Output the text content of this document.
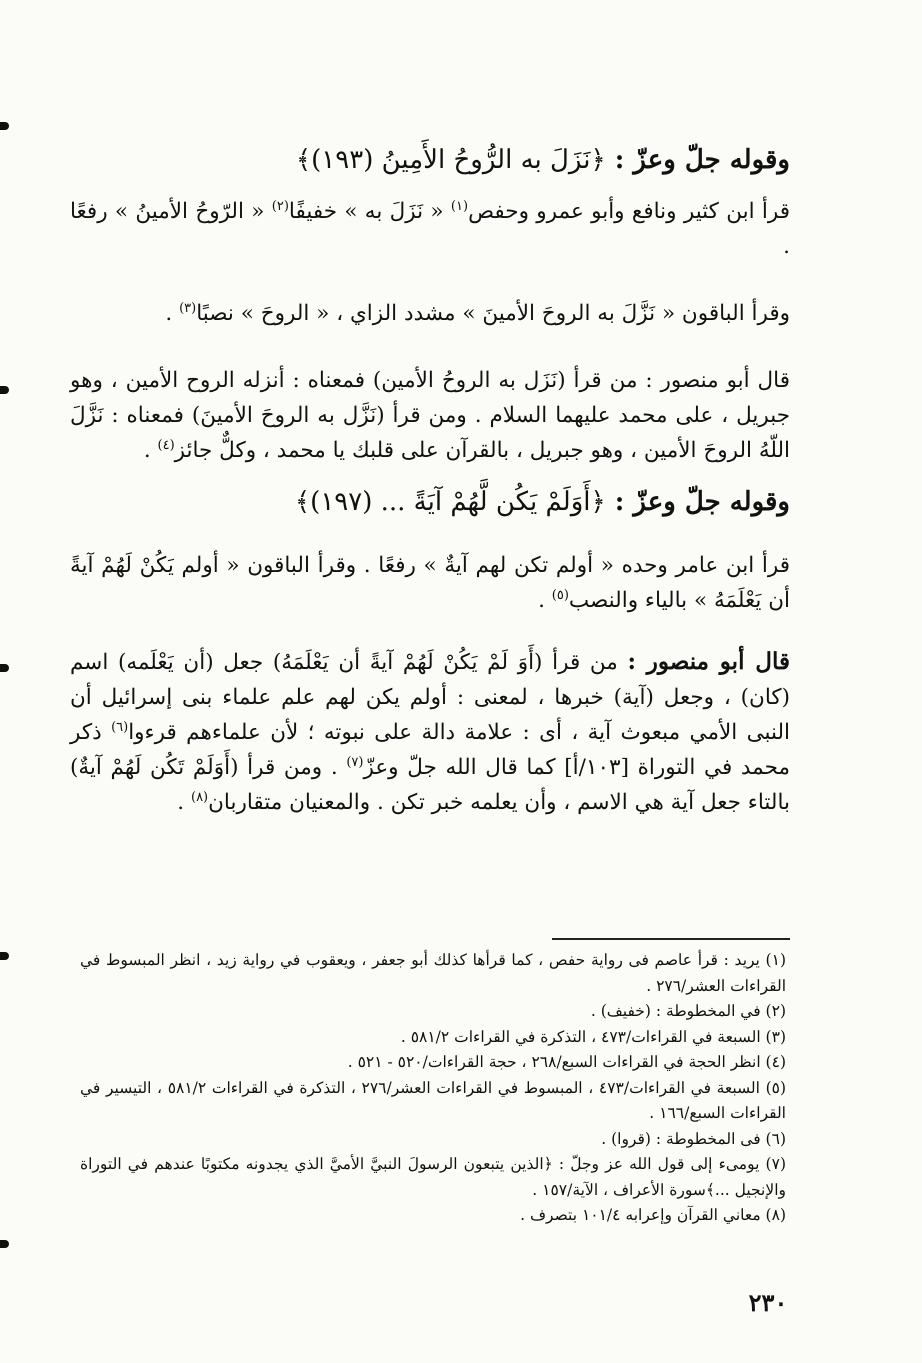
وقوله جلّ وعزّ : ﴿نَزَلَ به الرُّوحُ الأَمِينُ (١٩٣)﴾
قرأ ابن كثير ونافع وأبو عمرو وحفص$^{(١)}$ « نَزَلَ به » خفيفًا$^{(٢)}$ « الرّوحُ الأمينُ » رفعًا .
وقرأ الباقون « نَزَّلَ به الروحَ الأمينَ » مشدد الزاي ، « الروحَ » نصبًا$^{(٣)}$ .
قال أبو منصور : من قرأ (نَزَل به الروحُ الأمين) فمعناه : أنزله الروح الأمين ، وهو جبريل ، على محمد عليهما السلام . ومن قرأ (نَزَّل به الروحَ الأمينَ) فمعناه : نَزَّلَ اللّهُ الروحَ الأمين ، وهو جبريل ، بالقرآن على قلبك يا محمد ، وكلٌّ جائز$^{(٤)}$ .
وقوله جلّ وعزّ : ﴿أَوَلَمْ يَكُن لَّهُمْ آيَةً ... (١٩٧)﴾
قرأ ابن عامر وحده « أولم تكن لهم آيةٌ » رفعًا . وقرأ الباقون « أولم يَكُنْ لَهُمْ آيةً أن يَعْلَمَهُ » بالياء والنصب$^{(٥)}$ .
قال أبو منصور : من قرأ (أَوَ لَمْ يَكُنْ لَهُمْ آيةً أن يَعْلَمَهُ) جعل (أن يَعْلَمه) اسم (كان) ، وجعل (آية) خبرها ، لمعنى : أولم يكن لهم علم علماء بنى إسرائيل أن النبى الأمي مبعوث آية ، أى : علامة دالة على نبوته ؛ لأن علماءهم قرءوا$^{(٦)}$ ذكر محمد في التوراة [١٠٣/أ] كما قال الله جلّ وعزّ$^{(٧)}$ . ومن قرأ (أَوَلَمْ تَكُن لَهُمْ آيةٌ) بالتاء جعل آية هي الاسم ، وأن يعلمه خبر تكن . والمعنيان متقاربان$^{(٨)}$ .

(١) يريد : قرأ عاصم فى رواية حفص ، كما قرأها كذلك أبو جعفر ، ويعقوب في رواية زيد ، انظر المبسوط في القراءات العشر/٢٧٦ .

(٢) في المخطوطة : (خفيف) .

(٣) السبعة في القراءات/٤٧٣ ، التذكرة في القراءات ٥٨١/٢ .

(٤) انظر الحجة في القراءات السبع/٢٦٨ ، حجة القراءات/٥٢٠ - ٥٢١ .

(٥) السبعة في القراءات/٤٧٣ ، المبسوط في القراءات العشر/٢٧٦ ، التذكرة في القراءات ٥٨١/٢ ، التيسير في القراءات السبع/١٦٦ .

(٦) فى المخطوطة : (قروا) .

(٧) يومىء إلى قول الله عز وجلّ : ﴿الذين يتبعون الرسولَ النبيَّ الأميَّ الذي يجدونه مكتوبًا عندهم في التوراة والإنجيل ...﴾سورة الأعراف ، الآية/١٥٧ .

(٨) معاني القرآن وإعرابه ١٠١/٤ بتصرف .

٢٣٠
